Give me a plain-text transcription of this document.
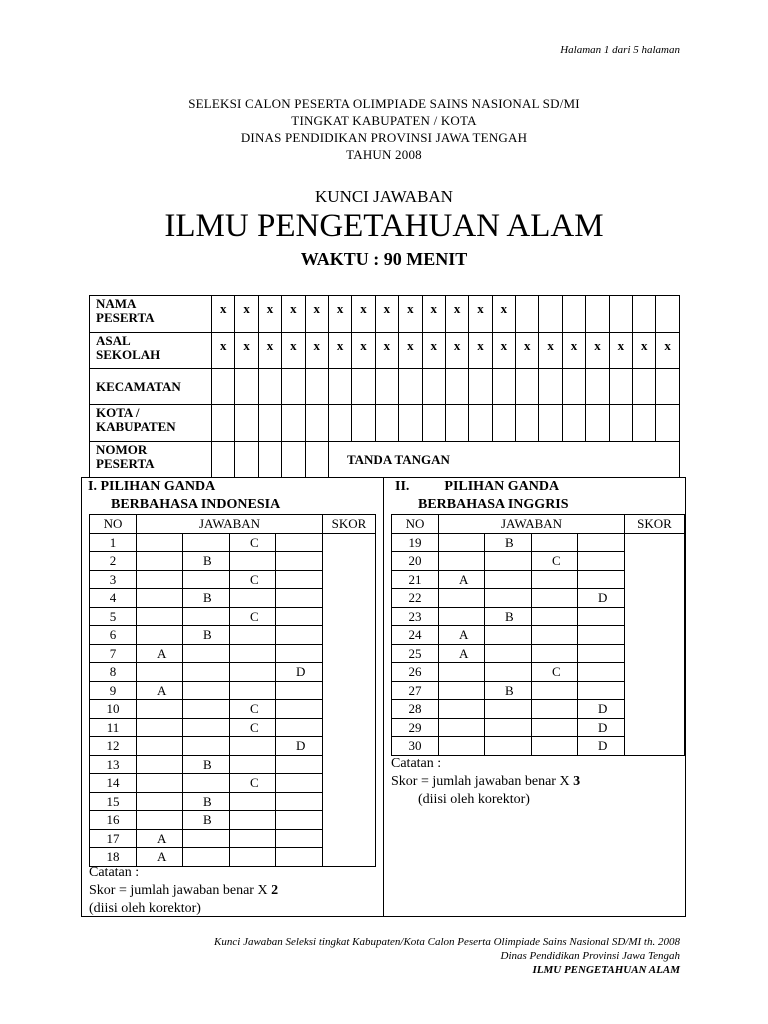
Halaman 1 dari 5 halaman
SELEKSI CALON PESERTA OLIMPIADE SAINS NASIONAL SD/MI
TINGKAT KABUPATEN / KOTA
DINAS PENDIDIKAN PROVINSI JAWA TENGAH
TAHUN 2008
KUNCI JAWABAN
ILMU PENGETAHUAN ALAM
WAKTU : 90 MENIT
NAMA
PESERTA	x	x	x	x	x	x	x	x	x	x	x	x	x							
ASAL
SEKOLAH	x	x	x	x	x	x	x	x	x	x	x	x	x	x	x	x	x	x	x	x
KECAMATAN																				
KOTA /
KABUPATEN																				
NOMOR
PESERTA						TANDA TANGAN														
I. PILIHAN GANDA
BERBAHASA INDONESIA
II.          PILIHAN GANDA
BERBAHASA INGGRIS
NO	JAWABAN				SKOR
1			C		
2		B			
3			C		
4		B			
5			C		
6		B			
7	A				
8				D	
9	A				
10			C		
11			C		
12				D	
13		B			
14			C		
15		B			
16		B			
17	A				
18	A				
NO	JAWABAN				SKOR
19		B			
20			C		
21	A				
22				D	
23		B			
24	A				
25	A				
26			C		
27		B			
28				D	
29				D	
30				D	
Catatan :
Skor = jumlah jawaban benar X 2
(diisi oleh korektor)
Catatan :
Skor = jumlah jawaban benar X 3
(diisi oleh korektor)
Kunci Jawaban Seleksi tingkat Kabupaten/Kota Calon Peserta Olimpiade Sains Nasional SD/MI th. 2008
Dinas Pendidikan Provinsi Jawa Tengah
ILMU PENGETAHUAN ALAM
